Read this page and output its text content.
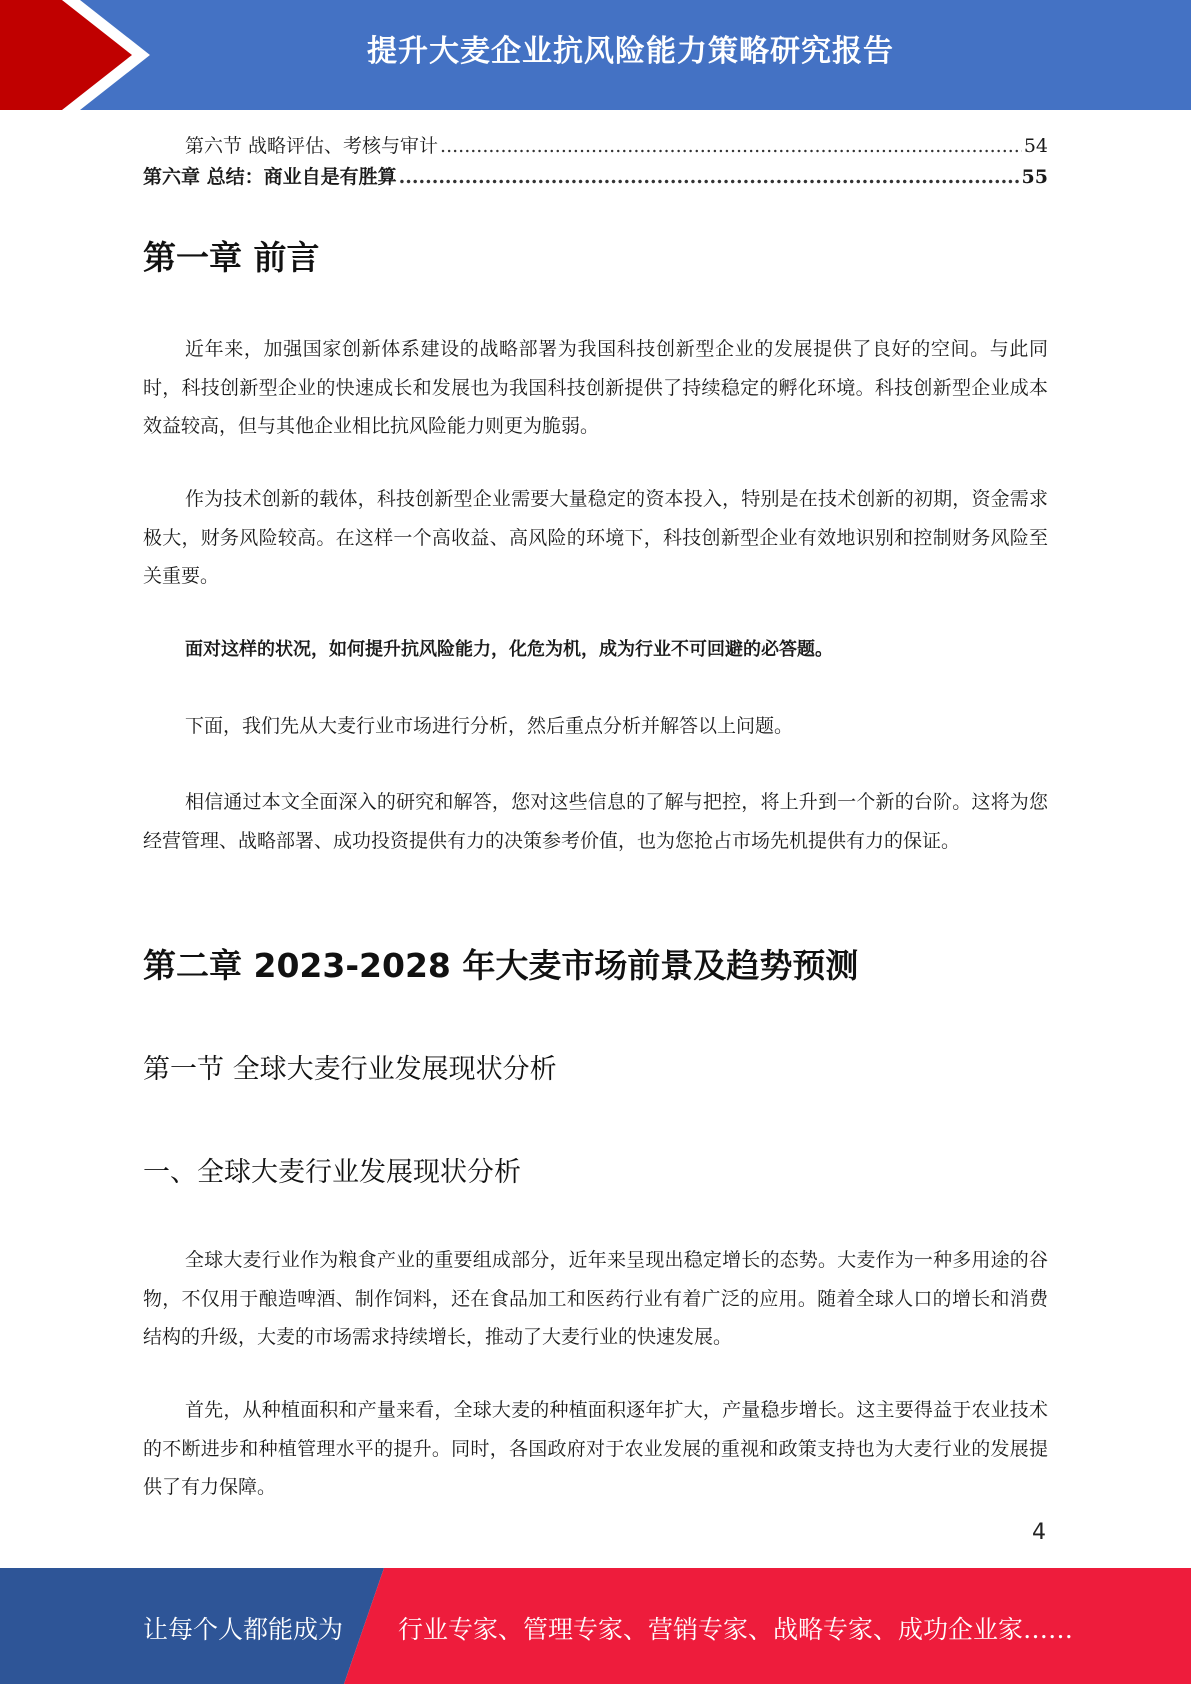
提升大麦企业抗风险能力策略研究报告
第六节 战略评估、考核与审计 .....	54
第六章 总结：商业自是有胜算 .....	55
第一章 前言

近年来，加强国家创新体系建设的战略部署为我国科技创新型企业的发展提供了良好的空间。与此同时，科技创新型企业的快速成长和发展也为我国科技创新提供了持续稳定的孵化环境。科技创新型企业成本效益较高，但与其他企业相比抗风险能力则更为脆弱。

作为技术创新的载体，科技创新型企业需要大量稳定的资本投入，特别是在技术创新的初期，资金需求极大，财务风险较高。在这样一个高收益、高风险的环境下，科技创新型企业有效地识别和控制财务风险至关重要。

面对这样的状况，如何提升抗风险能力，化危为机，成为行业不可回避的必答题。

下面，我们先从大麦行业市场进行分析，然后重点分析并解答以上问题。

相信通过本文全面深入的研究和解答，您对这些信息的了解与把控，将上升到一个新的台阶。这将为您经营管理、战略部署、成功投资提供有力的决策参考价值，也为您抢占市场先机提供有力的保证。

第二章 2023-2028 年大麦市场前景及趋势预测
第一节 全球大麦行业发展现状分析
一、全球大麦行业发展现状分析

全球大麦行业作为粮食产业的重要组成部分，近年来呈现出稳定增长的态势。大麦作为一种多用途的谷物，不仅用于酿造啤酒、制作饲料，还在食品加工和医药行业有着广泛的应用。随着全球人口的增长和消费结构的升级，大麦的市场需求持续增长，推动了大麦行业的快速发展。

首先，从种植面积和产量来看，全球大麦的种植面积逐年扩大，产量稳步增长。这主要得益于农业技术的不断进步和种植管理水平的提升。同时，各国政府对于农业发展的重视和政策支持也为大麦行业的发展提供了有力保障。

4
让每个人都能成为 行业专家、管理专家、营销专家、战略专家、成功企业家……
